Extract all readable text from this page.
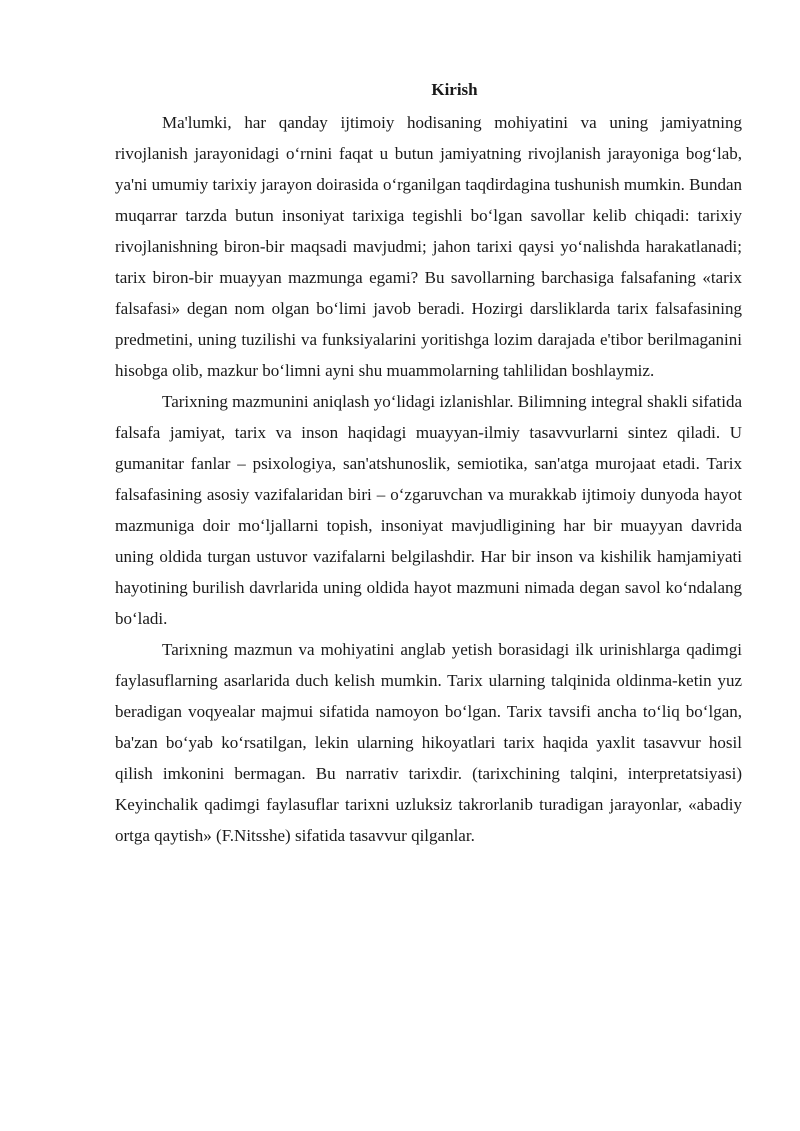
Kirish

Ma'lumki, har qanday ijtimoiy hodisaning mohiyatini va uning jamiyatning rivojlanish jarayonidagi o‘rnini faqat u butun jamiyatning rivojlanish jarayoniga bog‘lab, ya'ni umumiy tarixiy jarayon doirasida o‘rganilgan taqdirdagina tushunish mumkin. Bundan muqarrar tarzda butun insoniyat tarixiga tegishli bo‘lgan savollar kelib chiqadi: tarixiy rivojlanishning biron-bir maqsadi mavjudmi; jahon tarixi qaysi yo‘nalishda harakatlanadi; tarix biron-bir muayyan mazmunga egami? Bu savollarning barchasiga falsafaning «tarix falsafasi» degan nom olgan bo‘limi javob beradi. Hozirgi darsliklarda tarix falsafasining predmetini, uning tuzilishi va funksiyalarini yoritishga lozim darajada e'tibor berilmaganini hisobga olib, mazkur bo‘limni ayni shu muammolarning tahlilidan boshlaymiz.

Tarixning mazmunini aniqlash yo‘lidagi izlanishlar. Bilimning integral shakli sifatida falsafa jamiyat, tarix va inson haqidagi muayyan-ilmiy tasavvurlarni sintez qiladi. U gumanitar fanlar – psixologiya, san'atshunoslik, semiotika, san'atga murojaat etadi. Tarix falsafasining asosiy vazifalaridan biri – o‘zgaruvchan va murakkab ijtimoiy dunyoda hayot mazmuniga doir mo‘ljallarni topish, insoniyat mavjudligining har bir muayyan davrida uning oldida turgan ustuvor vazifalarni belgilashdir. Har bir inson va kishilik hamjamiyati hayotining burilish davrlarida uning oldida hayot mazmuni nimada degan savol ko‘ndalang bo‘ladi.

Tarixning mazmun va mohiyatini anglab yetish borasidagi ilk urinishlarga qadimgi faylasuflarning asarlarida duch kelish mumkin. Tarix ularning talqinida oldinma-ketin yuz beradigan voqyealar majmui sifatida namoyon bo‘lgan. Tarix tavsifi ancha to‘liq bo‘lgan, ba'zan bo‘yab ko‘rsatilgan, lekin ularning hikoyatlari tarix haqida yaxlit tasavvur hosil qilish imkonini bermagan. Bu narrativ tarixdir. (tarixchining talqini, interpretatsiyasi) Keyinchalik qadimgi faylasuflar tarixni uzluksiz takrorlanib turadigan jarayonlar, «abadiy ortga qaytish» (F.Nitsshe) sifatida tasavvur qilganlar.
